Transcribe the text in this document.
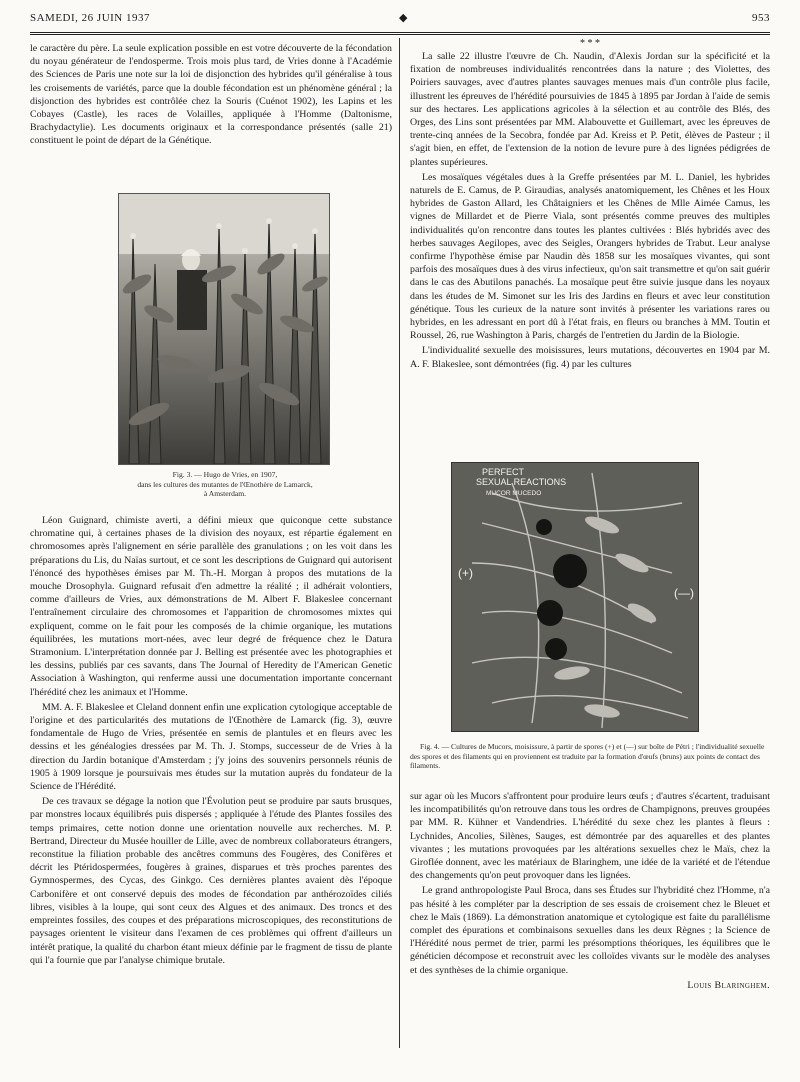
SAMEDI, 26 JUIN 1937	◆	953

le caractère du père. La seule explication possible en est votre découverte de la fécondation du noyau générateur de l'endosperme. Trois mois plus tard, de Vries donne à l'Académie des Sciences de Paris une note sur la loi de disjonction des hybrides qu'il généralise à tous les croisements de variétés, parce que la double fécondation est un phénomène général ; la disjonction des hybrides est contrôlée chez la Souris (Cuénot 1902), les Lapins et les Cobayes (Castle), les races de Volailles, appliquée à l'Homme (Daltonisme, Brachydactylie). Les documents originaux et la correspondance présentés (salle 21) constituent le point de départ de la Génétique.

Fig. 3. — Hugo de Vries, en 1907,
dans les cultures des mutantes de l'Œnothère de Lamarck,
à Amsterdam.

Léon Guignard, chimiste averti, a défini mieux que quiconque cette substance chromatine qui, à certaines phases de la division des noyaux, est répartie également en chromosomes après l'alignement en série parallèle des granulations ; on les voit dans les préparations du Lis, du Naïas surtout, et ce sont les descriptions de Guignard qui autorisent l'énoncé des hypothèses émises par M. Th.-H. Morgan à propos des mutations de la mouche Drosophyla. Guignard refusait d'en admettre la réalité ; il adhérait volontiers, comme d'ailleurs de Vries, aux démonstrations de M. Albert F. Blakeslee concernant l'entraînement circulaire des chromosomes et l'apparition de chromosomes mixtes qui expliquent, comme on le fait pour les composés de la chimie organique, les mutations équilibrées, les mutations mort-nées, avec leur degré de fréquence chez le Datura Stramonium. L'interprétation donnée par J. Belling est présentée avec les photographies et les dessins, publiés par ces savants, dans The Journal of Heredity de l'American Genetic Association à Washington, qui renferme aussi une documentation importante concernant l'hérédité chez les animaux et l'Homme.

MM. A. F. Blakeslee et Cleland donnent enfin une explication cytologique acceptable de l'origine et des particularités des mutations de l'Œnothère de Lamarck (fig. 3), œuvre fondamentale de Hugo de Vries, présentée en semis de plantules et en fleurs avec les dessins et les généalogies dressées par M. Th. J. Stomps, successeur de de Vries à la direction du Jardin botanique d'Amsterdam ; j'y joins des souvenirs personnels réunis de 1905 à 1909 lorsque je poursuivais mes études sur la mutation auprès du fondateur de la Science de l'Hérédité.

De ces travaux se dégage la notion que l'Évolution peut se produire par sauts brusques, par monstres locaux équilibrés puis dispersés ; appliquée à l'étude des Plantes fossiles des temps primaires, cette notion donne une orientation nouvelle aux recherches. M. P. Bertrand, Directeur du Musée houiller de Lille, avec de nombreux collaborateurs étrangers, reconstitue la filiation probable des ancêtres communs des Fougères, des Conifères et décrit les Ptéridospermées, fougères à graines, disparues et très proches parentes des Gymnospermes, des Cycas, des Ginkgo. Ces dernières plantes avaient dès l'époque Carbonifère et ont conservé depuis des modes de fécondation par anthérozoïdes ciliés libres, visibles à la loupe, qui sont ceux des Algues et des animaux. Des troncs et des empreintes fossiles, des coupes et des préparations microscopiques, des reconstitutions de paysages orientent le visiteur dans l'examen de ces problèmes qui offrent d'ailleurs un intérêt pratique, la qualité du charbon étant mieux définie par le fragment de tissu de plante qui l'a fournie que par l'analyse chimique brutale.

* * *

La salle 22 illustre l'œuvre de Ch. Naudin, d'Alexis Jordan sur la spécificité et la fixation de nombreuses individualités rencontrées dans la nature ; des Violettes, des Poiriers sauvages, avec d'autres plantes sauvages menues mais d'un contrôle plus facile, illustrent les épreuves de l'hérédité poursuivies de 1845 à 1895 par Jordan à l'aide de semis sur des hectares. Les applications agricoles à la sélection et au contrôle des Blés, des Orges, des Lins sont présentées par MM. Alabouvette et Guillemart, avec les épreuves de trente-cinq années de la Secobra, fondée par Ad. Kreiss et P. Petit, élèves de Pasteur ; il s'agit bien, en effet, de l'extension de la notion de levure pure à des lignées pédigrées de plantes supérieures.

Les mosaïques végétales dues à la Greffe présentées par M. L. Daniel, les hybrides naturels de E. Camus, de P. Giraudias, analysés anatomiquement, les Chênes et les Houx hybrides de Gaston Allard, les Châtaigniers et les Chênes de Mlle Aimée Camus, les vignes de Millardet et de Pierre Viala, sont présentés comme preuves des multiples individualités qu'on rencontre dans toutes les plantes cultivées : Blés hybridés avec des herbes sauvages Aegilopes, avec des Seigles, Orangers hybrides de Trabut. Leur analyse confirme l'hypothèse émise par Naudin dès 1858 sur les mosaïques vivantes, qui sont parfois des mosaïques dues à des virus infectieux, qu'on sait transmettre et qu'on sait guérir dans le cas des Abutilons panachés. La mosaïque peut être suivie jusque dans les noyaux dans les études de M. Simonet sur les Iris des Jardins en fleurs et avec leur constitution génétique. Tous les curieux de la nature sont invités à présenter les variations rares ou hybrides, en les adressant en port dû à l'état frais, en fleurs ou branches à MM. Toutin et Roussel, 26, rue Washington à Paris, chargés de l'entretien du Jardin de la Biologie.

L'individualité sexuelle des moisissures, leurs mutations, découvertes en 1904 par M. A. F. Blakeslee, sont démontrées (fig. 4) par les cultures

PERFECT
SEXUAL REACTIONS
MUCOR MUCEDO
(+)
(—)
Fig. 4. — Cultures de Mucors, moisissure, à partir de spores (+) et (—) sur boîte de Pétri ; l'individualité sexuelle des spores et des filaments qui en proviennent est traduite par la formation d'œufs (bruns) aux points de contact des filaments.

sur agar où les Mucors s'affrontent pour produire leurs œufs ; d'autres s'écartent, traduisant les incompatibilités qu'on retrouve dans tous les ordres de Champignons, preuves groupées par MM. R. Kühner et Vandendries. L'hérédité du sexe chez les plantes à fleurs : Lychnides, Ancolies, Silènes, Sauges, est démontrée par des aquarelles et des plantes vivantes ; les mutations provoquées par les altérations sexuelles chez le Maïs, chez la Giroflée donnent, avec les matériaux de Blaringhem, une idée de la variété et de l'étendue des changements qu'on peut provoquer dans les lignées.

Le grand anthropologiste Paul Broca, dans ses Études sur l'hybridité chez l'Homme, n'a pas hésité à les compléter par la description de ses essais de croisement chez le Bleuet et chez le Maïs (1869). La démonstration anatomique et cytologique est faite du parallélisme complet des épurations et combinaisons sexuelles dans les deux Règnes ; la Science de l'Hérédité nous permet de trier, parmi les présomptions théoriques, les équilibres que le généticien décompose et reconstruit avec les colloïdes vivants sur le modèle des analyses et des synthèses de la chimie organique.

Louis Blaringhem.
